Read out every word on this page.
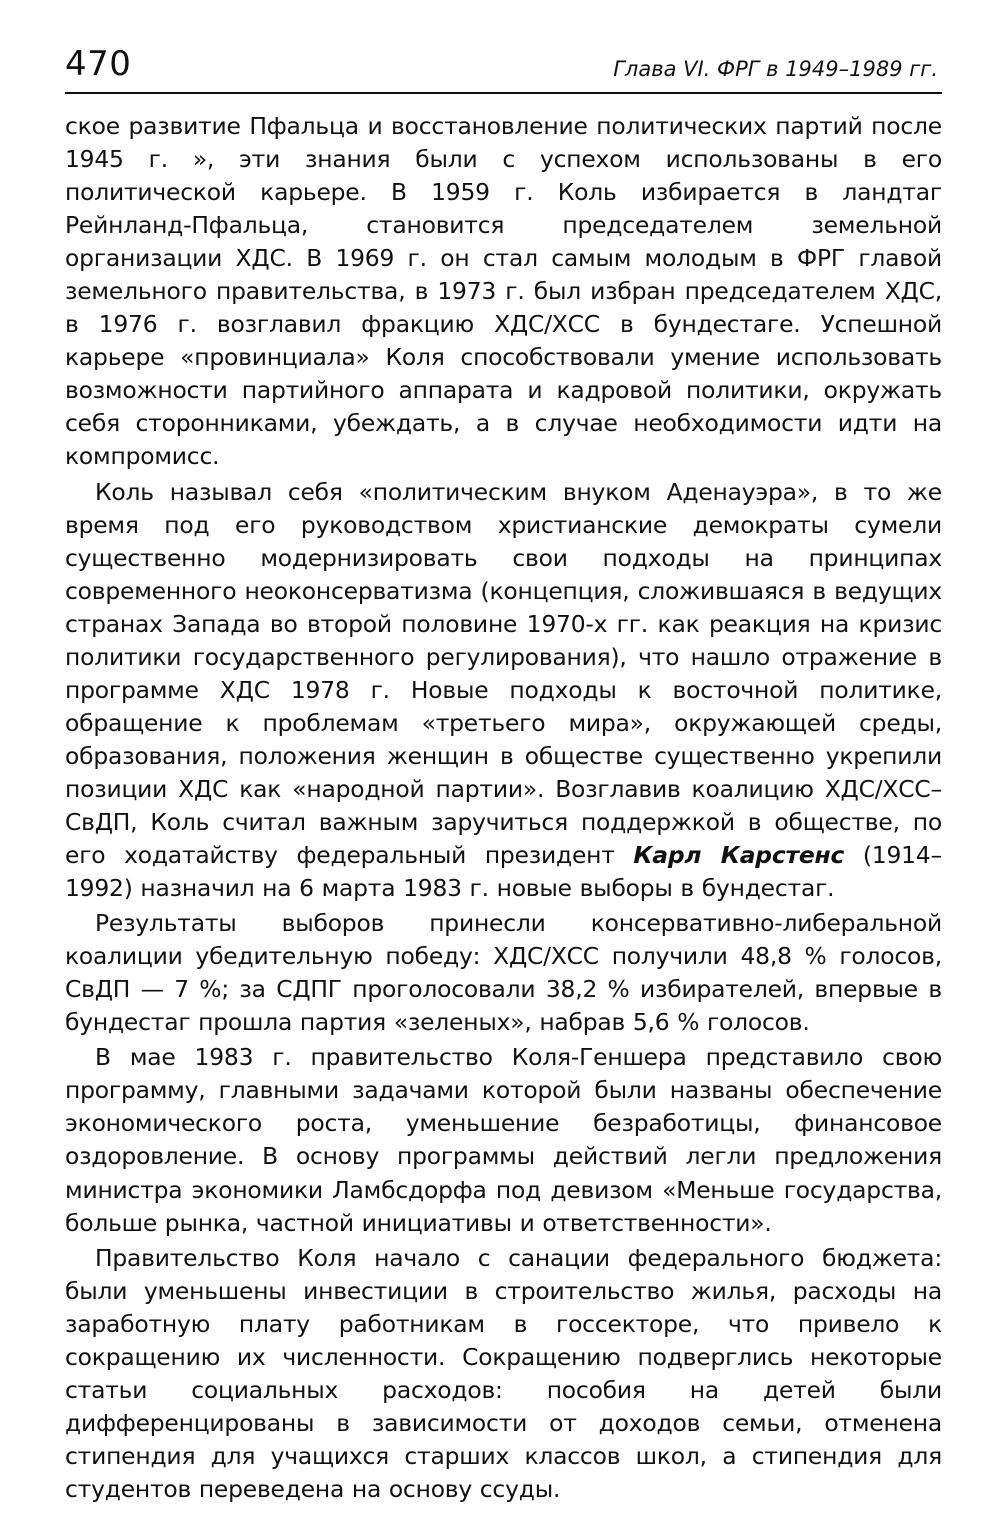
470	Глава VI. ФРГ в 1949–1989 гг.

ское развитие Пфальца и восстановление политических партий после 1945 г. », эти знания были с успехом использованы в его политической карьере. В 1959 г. Коль избирается в ландтаг Рейнланд-Пфальца, становится председателем земельной организации ХДС. В 1969 г. он стал самым молодым в ФРГ главой земельного правительства, в 1973 г. был избран председателем ХДС, в 1976 г. возглавил фракцию ХДС/ХСС в бундестаге. Успешной карьере «провинциала» Коля способствовали умение использовать возможности партийного аппарата и кадровой политики, окружать себя сторонниками, убеждать, а в случае необходимости идти на компромисс.

Коль называл себя «политическим внуком Аденауэра», в то же время под его руководством христианские демократы сумели существенно модернизировать свои подходы на принципах современного неоконсерватизма (концепция, сложившаяся в ведущих странах Запада во второй половине 1970-х гг. как реакция на кризис политики государственного регулирования), что нашло отражение в программе ХДС 1978 г. Новые подходы к восточной политике, обращение к проблемам «третьего мира», окружающей среды, образования, положения женщин в обществе существенно укрепили позиции ХДС как «народной партии». Возглавив коалицию ХДС/ХСС–СвДП, Коль считал важным заручиться поддержкой в обществе, по его ходатайству федеральный президент Карл Карстенс (1914–1992) назначил на 6 марта 1983 г. новые выборы в бундестаг.

Результаты выборов принесли консервативно-либеральной коалиции убедительную победу: ХДС/ХСС получили 48,8 % голосов, СвДП — 7 %; за СДПГ проголосовали 38,2 % избирателей, впервые в бундестаг прошла партия «зеленых», набрав 5,6 % голосов.

В мае 1983 г. правительство Коля-Геншера представило свою программу, главными задачами которой были названы обеспечение экономического роста, уменьшение безработицы, финансовое оздоровление. В основу программы действий легли предложения министра экономики Ламбсдорфа под девизом «Меньше государства, больше рынка, частной инициативы и ответственности».

Правительство Коля начало с санации федерального бюджета: были уменьшены инвестиции в строительство жилья, расходы на заработную плату работникам в госсекторе, что привело к сокращению их численности. Сокращению подверглись некоторые статьи социальных расходов: пособия на детей были дифференцированы в зависимости от доходов семьи, отменена стипендия для учащихся старших классов школ, а стипендия для студентов переведена на основу ссуды.
